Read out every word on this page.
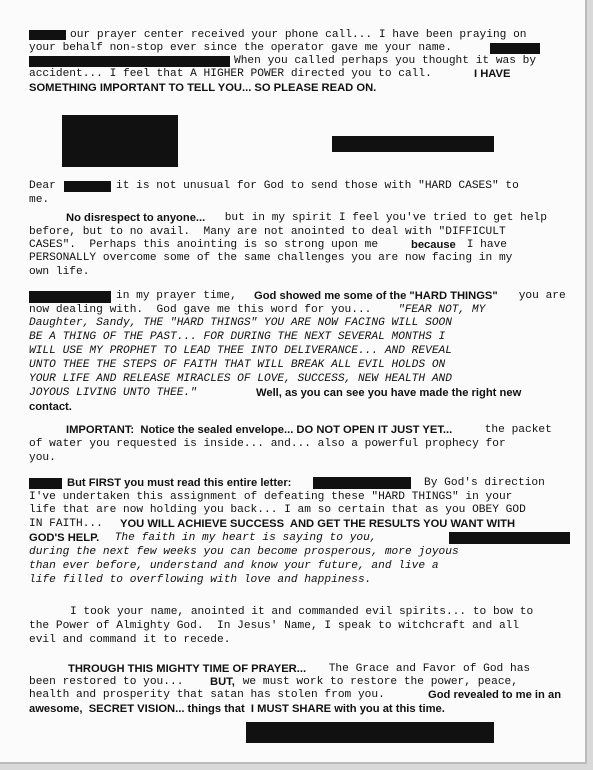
our prayer center received your phone call... I have been praying on
your behalf non-stop ever since the operator gave me your name.
When you called perhaps you thought it was by
accident... I feel that A HIGHER POWER directed you to call.	I HAVE
SOMETHING IMPORTANT TO TELL YOU... SO PLEASE READ ON.
Dear	it is not unusual for God to send those with "HARD CASES" to
me.
No disrespect to anyone... but in my spirit I feel you've tried to get help
before, but to no avail.  Many are not anointed to deal with "DIFFICULT
CASES".  Perhaps this anointing is so strong upon me because I have
PERSONALLY overcome some of the same challenges you are now facing in my
own life.
in my prayer time, God showed me some of the "HARD THINGS" you are
now dealing with.  God gave me this word for you... "FEAR NOT, MY
Daughter, Sandy, THE "HARD THINGS" YOU ARE NOW FACING WILL SOON
BE A THING OF THE PAST... FOR DURING THE NEXT SEVERAL MONTHS I
WILL USE MY PROPHET TO LEAD THEE INTO DELIVERANCE... AND REVEAL
UNTO THEE THE STEPS OF FAITH THAT WILL BREAK ALL EVIL HOLDS ON
YOUR LIFE AND RELEASE MIRACLES OF LOVE, SUCCESS, NEW HEALTH AND
JOYOUS LIVING UNTO THEE."	Well, as you can see you have made the right new
contact.
IMPORTANT:  Notice the sealed envelope... DO NOT OPEN IT JUST YET... the packet
of water you requested is inside... and... also a powerful prophecy for
you.
But FIRST you must read this entire letter:	By God's direction
I've undertaken this assignment of defeating these "HARD THINGS" in your
life that are now holding you back... I am so certain that as you OBEY GOD
IN FAITH... YOU WILL ACHIEVE SUCCESS  AND GET THE RESULTS YOU WANT WITH
GOD'S HELP. The faith in my heart is saying to you,
during the next few weeks you can become prosperous, more joyous
than ever before, understand and know your future, and live a
life filled to overflowing with love and happiness.
I took your name, anointed it and commanded evil spirits... to bow to
the Power of Almighty God.  In Jesus' Name, I speak to witchcraft and all
evil and command it to recede.
THROUGH THIS MIGHTY TIME OF PRAYER... The Grace and Favor of God has
been restored to you... BUT, we must work to restore the power, peace,
health and prosperity that satan has stolen from you.	God revealed to me in an
awesome,  SECRET VISION... things that  I MUST SHARE with you at this time.
